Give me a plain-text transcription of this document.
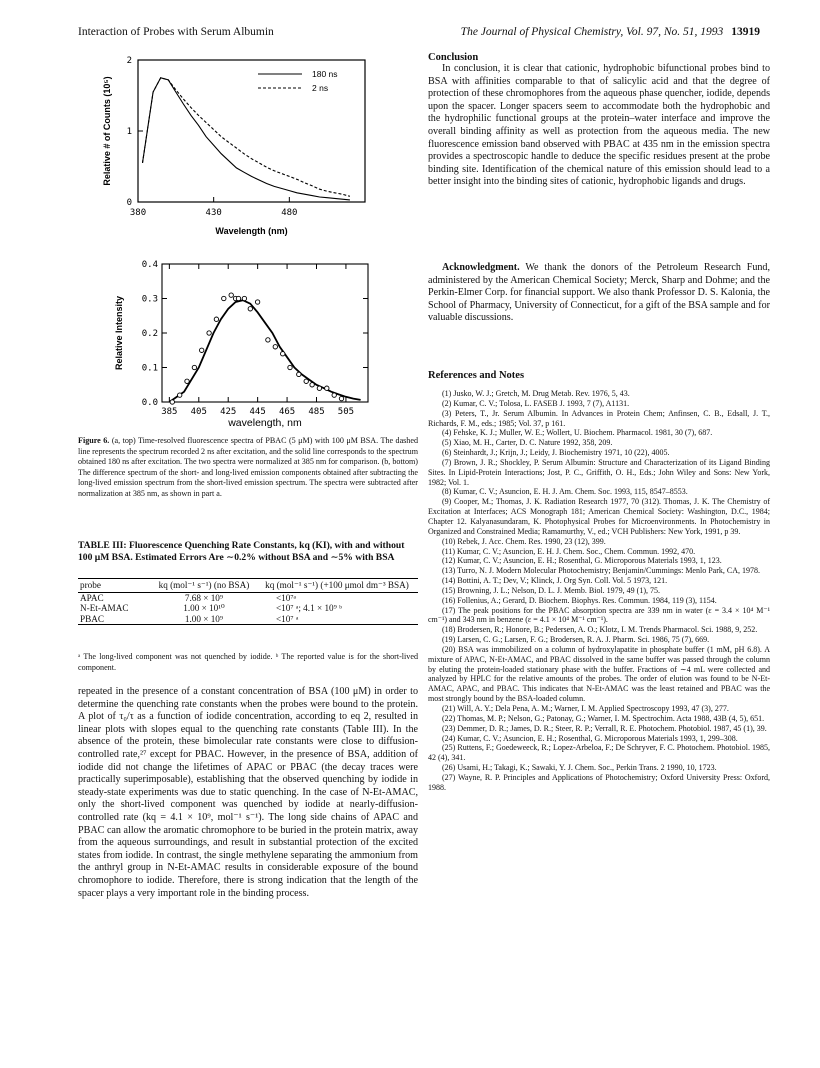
Interaction of Probes with Serum Albumin	The Journal of Physical Chemistry, Vol. 97, No. 51, 1993 13919
380	430	480
0
1
2
Wavelength (nm)
Relative # of Counts (10⁵)
180 ns
2 ns
385 405 425 445 465 485 505
0.0
0.1
0.2
0.3
0.4
wavelength, nm
Relative Intensity
Figure 6. (a, top) Time-resolved fluorescence spectra of PBAC (5 μM) with 100 μM BSA. The dashed line represents the spectrum recorded 2 ns after excitation, and the solid line corresponds to the spectrum obtained 180 ns after excitation. The two spectra were normalized at 385 nm for comparison. (b, bottom) The difference spectrum of the short- and long-lived emission components obtained after subtracting the long-lived emission spectrum from the short-lived emission spectrum. The spectra were subtracted after normalization at 385 nm, as shown in part a.
TABLE III: Fluorescence Quenching Rate Constants, kq (KI), with and without 100 μM BSA. Estimated Errors Are ∼0.2% without BSA and ∼5% with BSA
probe	kq (mol⁻¹ s⁻¹) (no BSA)	kq (mol⁻¹ s⁻¹) (+100 μmol dm⁻³ BSA)
APAC	7.68 × 10⁹	<10⁷ᵃ
N-Et-AMAC	1.00 × 10¹⁰	<10⁷ ᵃ; 4.1 × 10⁹ ᵇ
PBAC	1.00 × 10⁹	<10⁷ ᵃ
ᵃ The long-lived component was not quenched by iodide. ᵇ The reported value is for the short-lived component.
repeated in the presence of a constant concentration of BSA (100 μM) in order to determine the quenching rate constants when the probes were bound to the protein. A plot of τ₀/τ as a function of iodide concentration, according to eq 2, resulted in linear plots with slopes equal to the quenching rate constants (Table III). In the absence of the protein, these bimolecular rate constants were close to diffusion-controlled rate,²⁷ except for PBAC. However, in the presence of BSA, addition of iodide did not change the lifetimes of APAC or PBAC (the decay traces were practically superimposable), establishing that the observed quenching by iodide in steady-state experiments was due to static quenching. In the case of N-Et-AMAC, only the short-lived component was quenched by iodide at nearly-diffusion-controlled rate (kq = 4.1 × 10⁹, mol⁻¹ s⁻¹). The long side chains of APAC and PBAC can allow the aromatic chromophore to be buried in the protein matrix, away from the aqueous surroundings, and result in substantial protection of the excited states from iodide. In contrast, the single methylene separating the ammonium from the anthryl group in N-Et-AMAC results in considerable exposure of the bound chromophore to iodide. Therefore, there is strong indication that the length of the spacer plays a very important role in the binding process.
Conclusion

In conclusion, it is clear that cationic, hydrophobic bifunctional probes bind to BSA with affinities comparable to that of salicylic acid and that the degree of protection of these chromophores from the aqueous phase quencher, iodide, depends upon the spacer. Longer spacers seem to accommodate both the hydrophobic and the hydrophilic functional groups at the protein–water interface and improve the overall binding affinity as well as protection from the aqueous media. The new fluorescence emission band observed with PBAC at 435 nm in the emission spectra provides a spectroscopic handle to deduce the specific residues present at the probe binding site. Identification of the chemical nature of this emission should lead to a better insight into the binding sites of cationic, hydrophobic ligands and drugs.

Acknowledgment. We thank the donors of the Petroleum Research Fund, administered by the American Chemical Society; Merck, Sharp and Dohme; and the Perkin-Elmer Corp. for financial support. We also thank Professor D. S. Kalonia, the School of Pharmacy, University of Connecticut, for a gift of the BSA sample and for valuable discussions.

References and Notes
(1) Jusko, W. J.; Gretch, M. Drug Metab. Rev. 1976, 5, 43.
(2) Kumar, C. V.; Tolosa, L. FASEB J. 1993, 7 (7), A1131.
(3) Peters, T., Jr. Serum Albumin. In Advances in Protein Chem; Anfinsen, C. B., Edsall, J. T., Richards, F. M., eds.; 1985; Vol. 37, p 161.
(4) Fehske, K. J.; Muller, W. E.; Wollert, U. Biochem. Pharmacol. 1981, 30 (7), 687.
(5) Xiao, M. H., Carter, D. C. Nature 1992, 358, 209.
(6) Steinhardt, J.; Krijn, J.; Leidy, J. Biochemistry 1971, 10 (22), 4005.
(7) Brown, J. R.; Shockley, P. Serum Albumin: Structure and Characterization of its Ligand Binding Sites. In Lipid-Protein Interactions; Jost, P. C., Griffith, O. H., Eds.; John Wiley and Sons: New York, 1982; Vol. 1.
(8) Kumar, C. V.; Asuncion, E. H. J. Am. Chem. Soc. 1993, 115, 8547–8553.
(9) Cooper, M.; Thomas, J. K. Radiation Research 1977, 70 (312). Thomas, J. K. The Chemistry of Excitation at Interfaces; ACS Monograph 181; American Chemical Society: Washington, D.C., 1984; Chapter 12. Kalyanasundaram, K. Photophysical Probes for Microenvironments. In Photochemistry in Organized and Constrained Media; Ramamurthy, V., ed.; VCH Publishers: New York, 1991, p 39.
(10) Rebek, J. Acc. Chem. Res. 1990, 23 (12), 399.
(11) Kumar, C. V.; Asuncion, E. H. J. Chem. Soc., Chem. Commun. 1992, 470.
(12) Kumar, C. V.; Asuncion, E. H.; Rosenthal, G. Microporous Materials 1993, 1, 123.
(13) Turro, N. J. Modern Molecular Photochemistry; Benjamin/Cummings: Menlo Park, CA, 1978.
(14) Bottini, A. T.; Dev, V.; Klinck, J. Org Syn. Coll. Vol. 5 1973, 121.
(15) Browning, J. L.; Nelson, D. L. J. Memb. Biol. 1979, 49 (1), 75.
(16) Follenius, A.; Gerard, D. Biochem. Biophys. Res. Commun. 1984, 119 (3), 1154.
(17) The peak positions for the PBAC absorption spectra are 339 nm in water (ε = 3.4 × 10⁴ M⁻¹ cm⁻¹) and 343 nm in benzene (ε = 4.1 × 10⁴ M⁻¹ cm⁻¹).
(18) Brodersen, R.; Honore, B.; Pedersen, A. O.; Klotz, I. M. Trends Pharmacol. Sci. 1988, 9, 252.
(19) Larsen, C. G.; Larsen, F. G.; Brodersen, R. A. J. Pharm. Sci. 1986, 75 (7), 669.
(20) BSA was immobilized on a column of hydroxylapatite in phosphate buffer (1 mM, pH 6.8). A mixture of APAC, N-Et-AMAC, and PBAC dissolved in the same buffer was passed through the column by eluting the protein-loaded stationary phase with the buffer. Fractions of ∼4 mL were collected and analyzed by HPLC for the relative amounts of the probes. The order of elution was found to be N-Et-AMAC, APAC, and PBAC. This indicates that N-Et-AMAC was the least retained and PBAC was the most strongly bound by the BSA-loaded column.
(21) Will, A. Y.; Dela Pena, A. M.; Warner, I. M. Applied Spectroscopy 1993, 47 (3), 277.
(22) Thomas, M. P.; Nelson, G.; Patonay, G.; Warner, I. M. Spectrochim. Acta 1988, 43B (4, 5), 651.
(23) Demmer, D. R.; James, D. R.; Steer, R. P.; Verrall, R. E. Photochem. Photobiol. 1987, 45 (1), 39.
(24) Kumar, C. V.; Asuncion, E. H.; Rosenthal, G. Microporous Materials 1993, 1, 299–308.
(25) Ruttens, F.; Goedeweeck, R.; Lopez-Arbeloa, F.; De Schryver, F. C. Photochem. Photobiol. 1985, 42 (4), 341.
(26) Usami, H.; Takagi, K.; Sawaki, Y. J. Chem. Soc., Perkin Trans. 2 1990, 10, 1723.
(27) Wayne, R. P. Principles and Applications of Photochemistry; Oxford University Press: Oxford, 1988.
